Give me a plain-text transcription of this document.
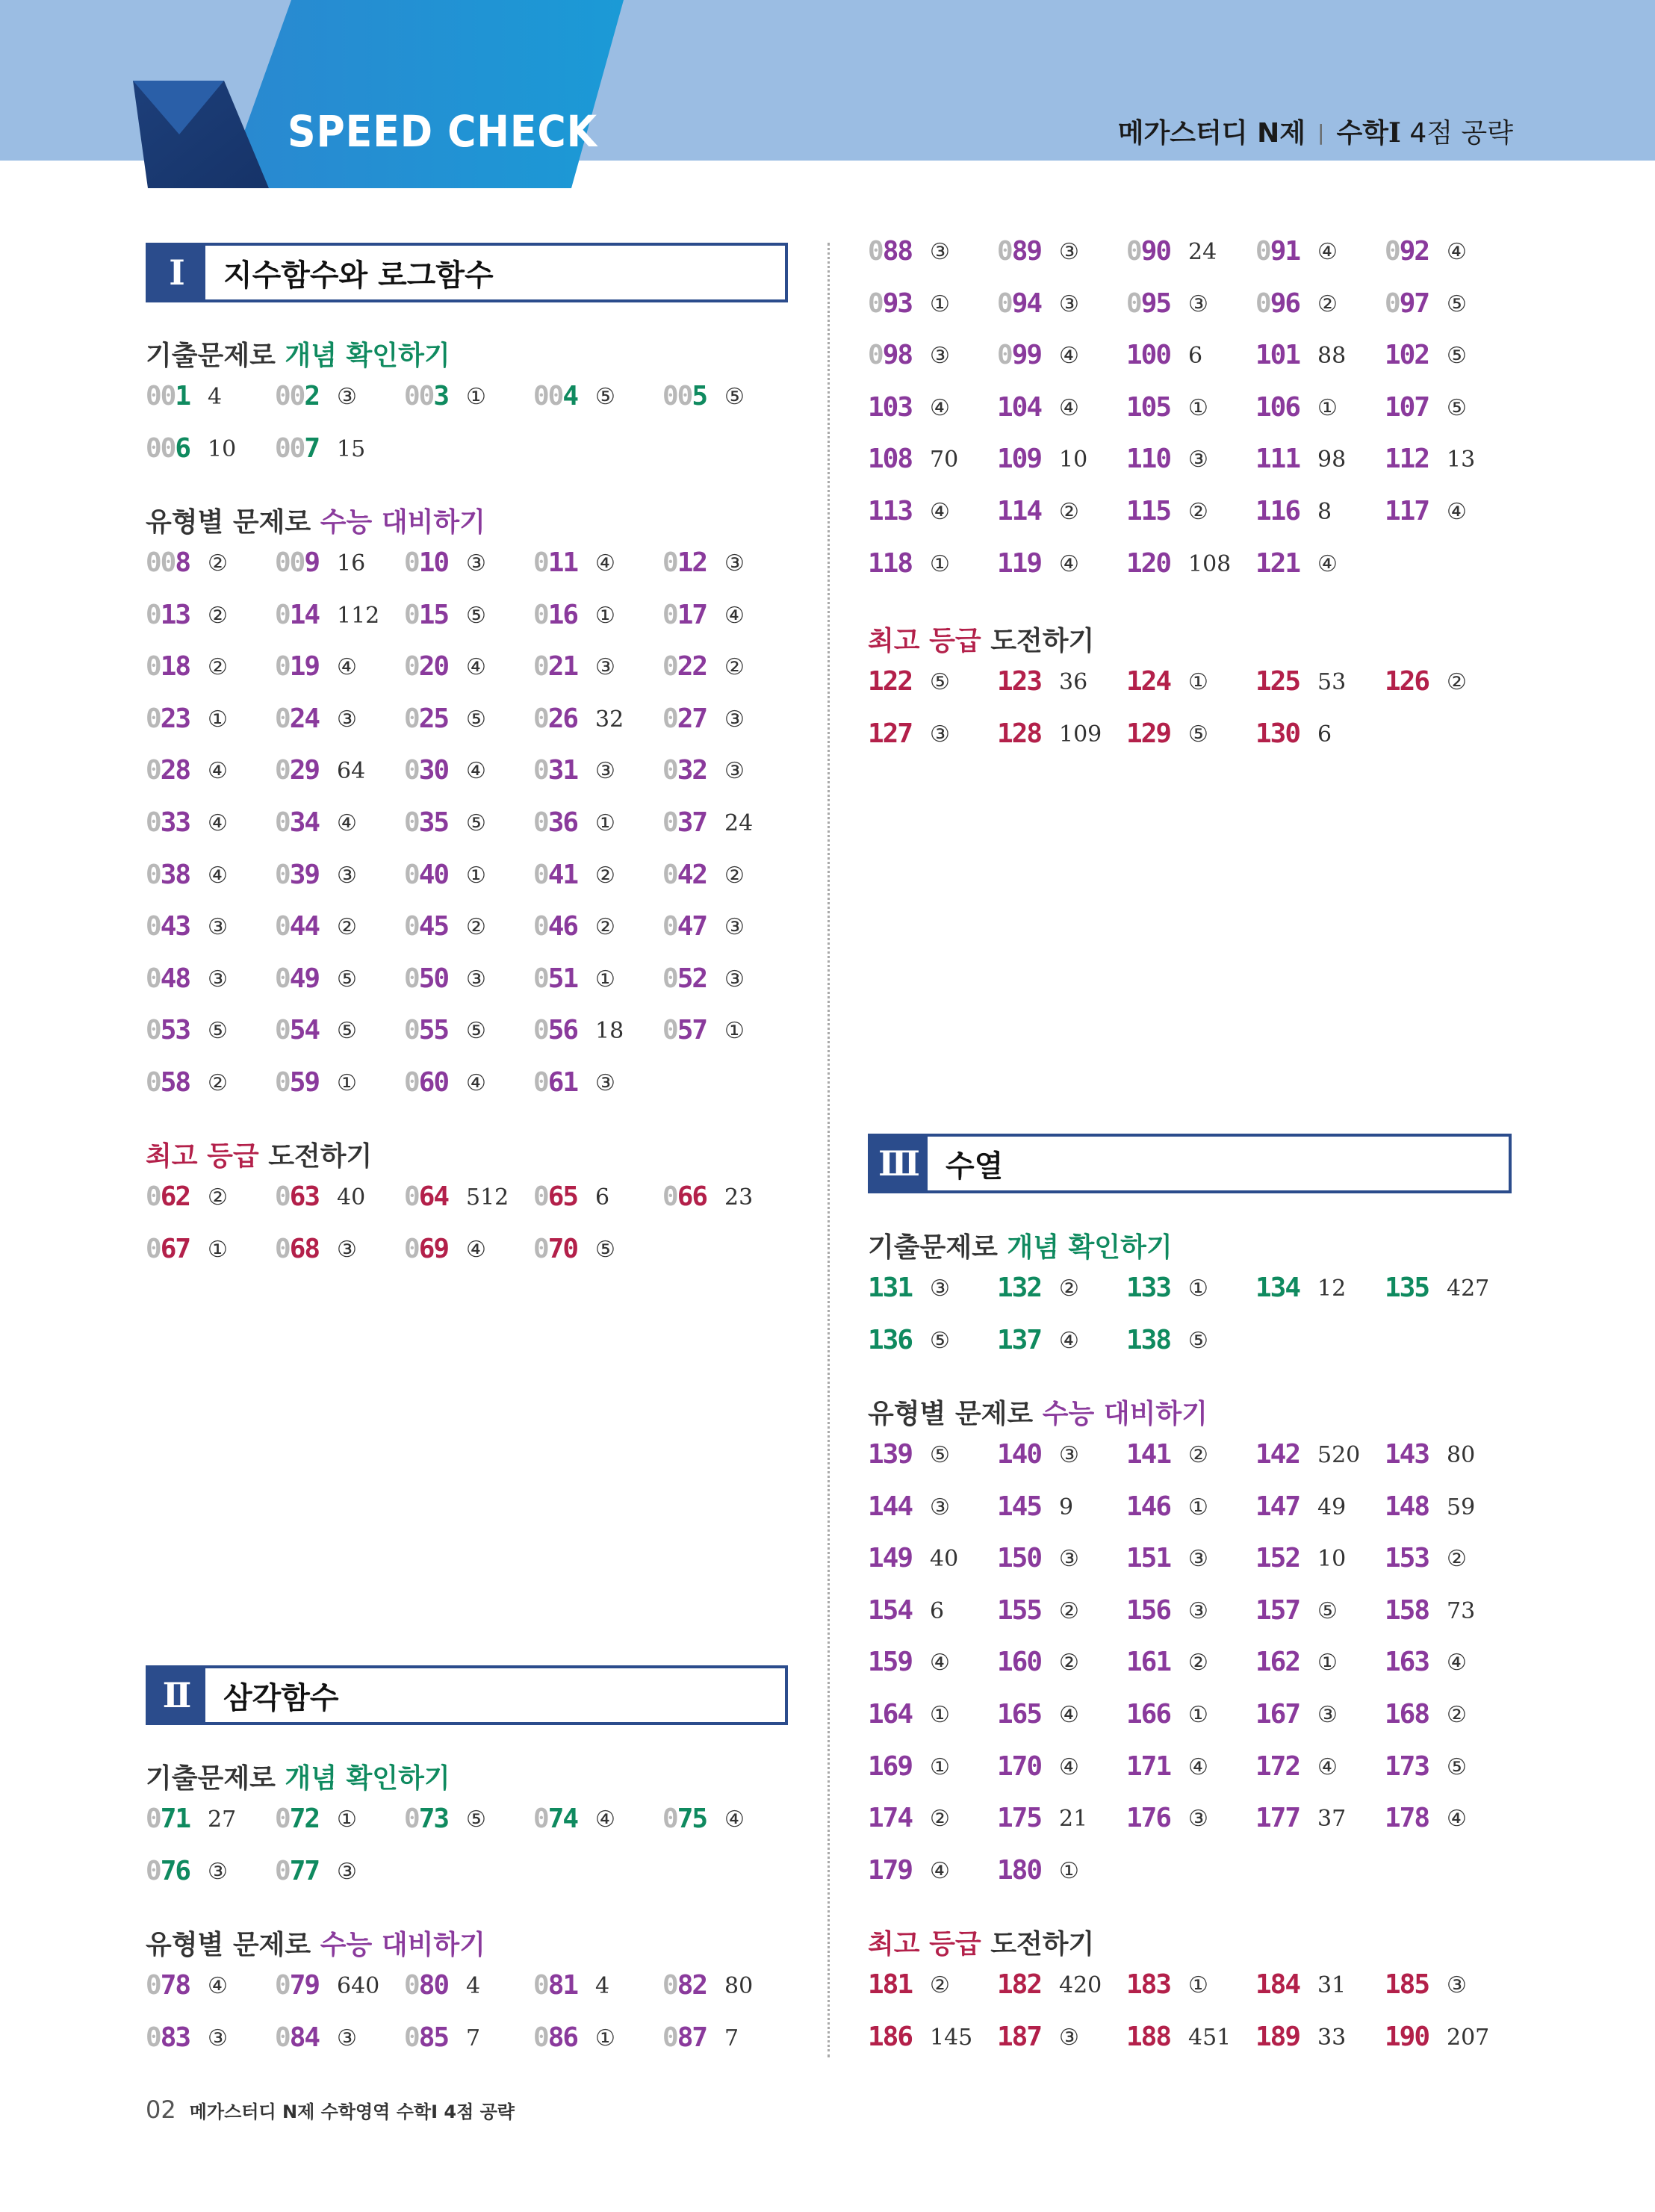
SPEED CHECK	메가스터디 N제 | 수학Ⅰ 4점 공략
Ⅰ	지수함수와 로그함수
Ⅱ	삼각함수
Ⅲ 수열
기출문제로 개념 확인하기
유형별 문제로 수능 대비하기
최고 등급 도전하기
기출문제로 개념 확인하기
유형별 문제로 수능 대비하기
최고 등급 도전하기
기출문제로 개념 확인하기
유형별 문제로 수능 대비하기
최고 등급 도전하기
02 메가스터디 N제 수학영역 수학Ⅰ 4점 공략
001 4 002 ③ 003 ① 004 ⑤ 005 ⑤
006 10 007 15
008 ② 009 16 010 ③ 011 ④ 012 ③
013 ② 014 112 015 ⑤ 016 ① 017 ④
018 ② 019 ④ 020 ④ 021 ③ 022 ②
023 ① 024 ③ 025 ⑤ 026 32 027 ③
028 ④ 029 64 030 ④ 031 ③ 032 ③
033 ④ 034 ④ 035 ⑤ 036 ① 037 24
038 ④ 039 ③ 040 ① 041 ② 042 ②
043 ③ 044 ② 045 ② 046 ② 047 ③
048 ③ 049 ⑤ 050 ③ 051 ① 052 ③
053 ⑤ 054 ⑤ 055 ⑤ 056 18 057 ①
058 ② 059 ① 060 ④ 061 ③
062 ② 063 40 064 512 065 6 066 23
067 ① 068 ③ 069 ④ 070 ⑤
071 27 072 ① 073 ⑤ 074 ④ 075 ④
076 ③ 077 ③
078 ④ 079 640 080 4 081 4 082 80
083 ③ 084 ③ 085 7 086 ① 087 7
088 ③ 089 ③ 090 24 091 ④ 092 ④
093 ① 094 ③ 095 ③ 096 ② 097 ⑤
098 ③ 099 ④ 100 6 101 88 102 ⑤
103 ④ 104 ④ 105 ① 106 ① 107 ⑤
108 70 109 10 110 ③ 111 98 112 13
113 ④ 114 ② 115 ② 116 8 117 ④
118 ① 119 ④ 120 108 121 ④
122 ⑤ 123 36 124 ① 125 53 126 ②
127 ③ 128 109 129 ⑤ 130 6
131 ③ 132 ② 133 ① 134 12 135 427
136 ⑤ 137 ④ 138 ⑤
139 ⑤ 140 ③ 141 ② 142 520 143 80
144 ③ 145 9 146 ① 147 49 148 59
149 40 150 ③ 151 ③ 152 10 153 ②
154 6 155 ② 156 ③ 157 ⑤ 158 73
159 ④ 160 ② 161 ② 162 ① 163 ④
164 ① 165 ④ 166 ① 167 ③ 168 ②
169 ① 170 ④ 171 ④ 172 ④ 173 ⑤
174 ② 175 21 176 ③ 177 37 178 ④
179 ④ 180 ①
181 ② 182 420 183 ① 184 31 185 ③
186 145 187 ③ 188 451 189 33 190 207
